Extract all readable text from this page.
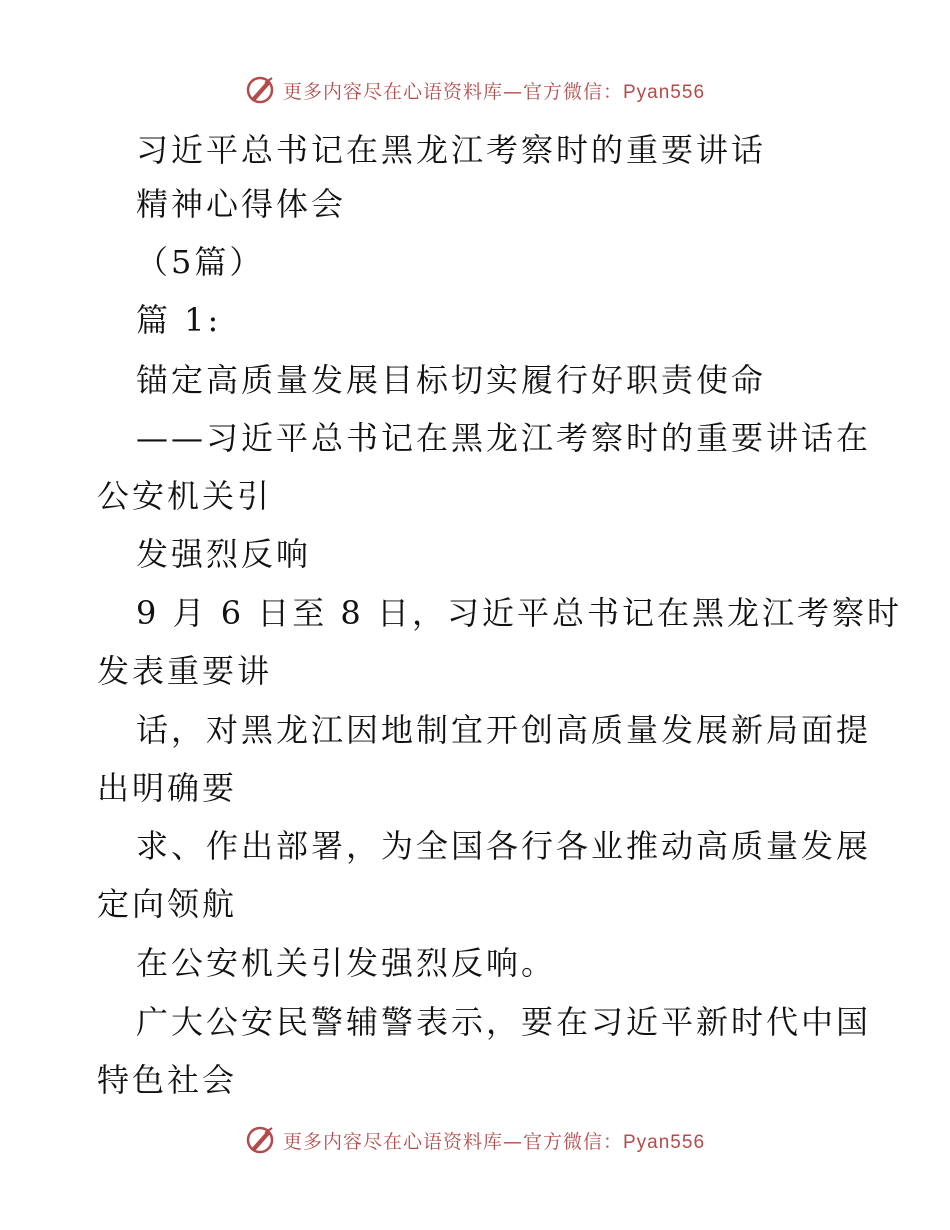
更多内容尽在心语资料库—官方微信：Pyan556
习近平总书记在黑龙江考察时的重要讲话
精神心得体会
（5篇）
篇 1:
锚定高质量发展目标切实履行好职责使命
——习近平总书记在黑龙江考察时的重要讲话在
公安机关引
发强烈反响
9 月 6 日至 8 日，习近平总书记在黑龙江考察时
发表重要讲
话，对黑龙江因地制宜开创高质量发展新局面提
出明确要
求、作出部署，为全国各行各业推动高质量发展
定向领航
在公安机关引发强烈反响。
广大公安民警辅警表示，要在习近平新时代中国
特色社会
更多内容尽在心语资料库—官方微信：Pyan556
